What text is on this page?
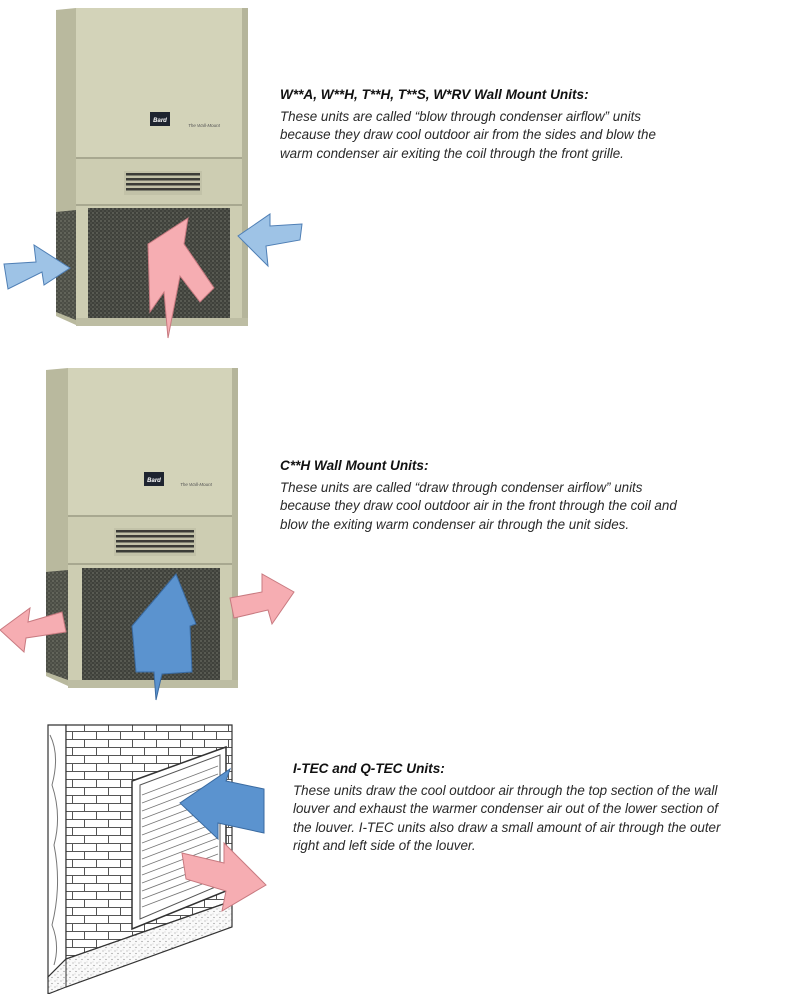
Bard
The Wall-Mount
W**A, W**H, T**H, T**S, W*RV Wall Mount Units:
These units are called “blow through condenser airflow” units
because they draw cool outdoor air from the sides and blow the
warm condenser air exiting the coil through the front grille.
Bard
The Wall-Mount
C**H Wall Mount Units:
These units are called “draw through condenser airflow” units
because they draw cool outdoor air in the front through the coil and
blow the exiting warm condenser air through the unit sides.
I-TEC and Q-TEC Units:
These units draw the cool outdoor air through the top section of the wall
louver and exhaust the warmer condenser air out of the lower section of
the louver. I-TEC units also draw a small amount of air through the outer
right and left side of the louver.
